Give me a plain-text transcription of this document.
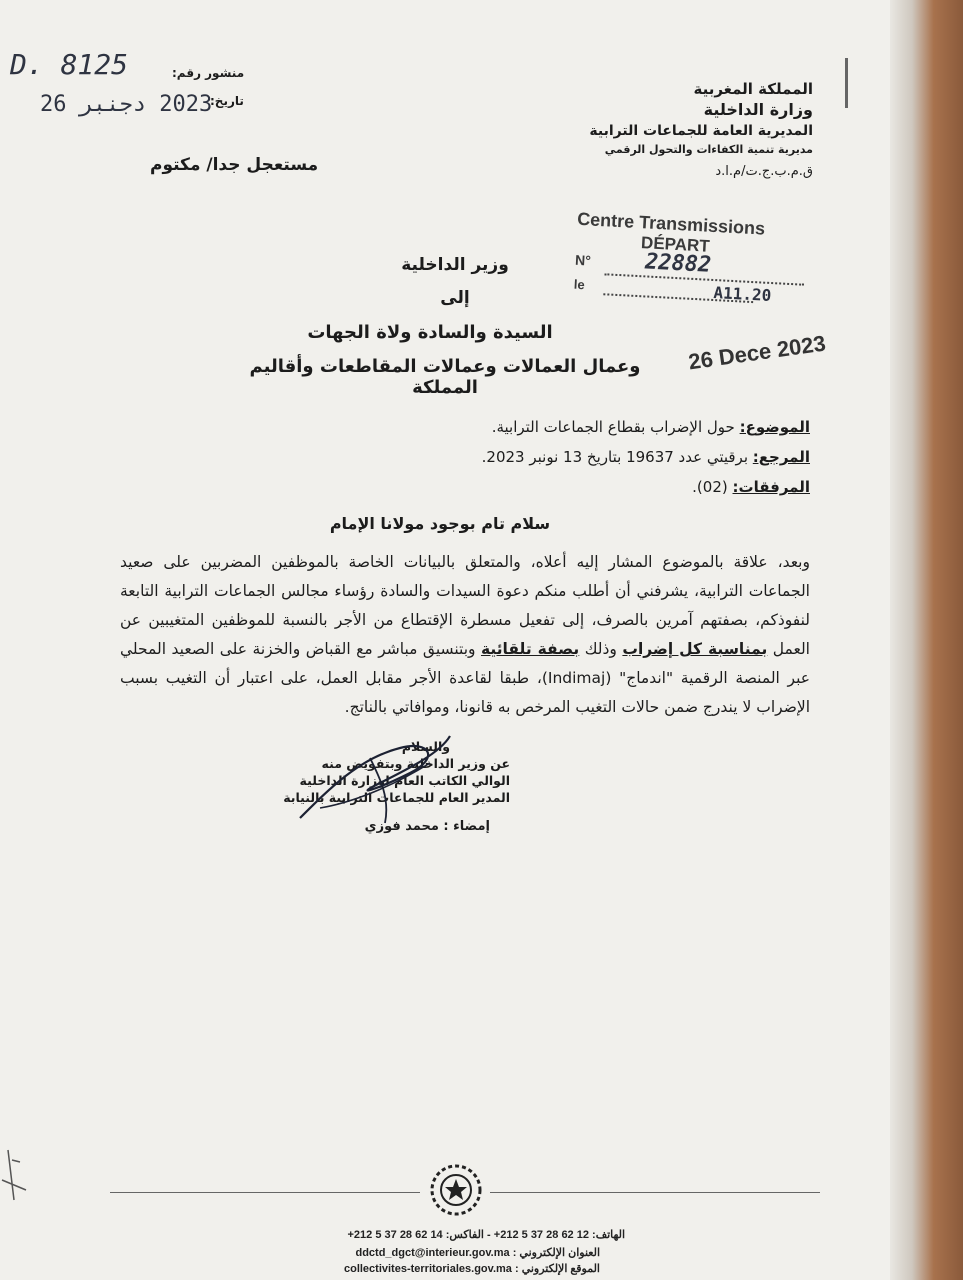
D. 8125
2023 دجنبر 26
منشور رقم:
تاريخ:
المملكة المغربية
وزارة الداخلية
المديرية العامة للجماعات الترابية
مديرية تنمية الكفاءات والتحول الرقمي
ق.م.ب.ج.ت/م.ا.د
مستعجل جدا/ مكتوم
Centre Transmissions
DÉPART
N° 22882
le	A11.20
26 Dece 2023
وزير الداخلية
إلى
السيدة والسادة ولاة الجهات
وعمال العمالات وعمالات المقاطعات وأقاليم المملكة
الموضوع: حول الإضراب بقطاع الجماعات الترابية.
المرجع: برقيتي عدد 19637 بتاريخ 13 نونبر 2023.
المرفقات: (02).
سلام تام بوجود مولانا الإمام
وبعد، علاقة بالموضوع المشار إليه أعلاه، والمتعلق بالبيانات الخاصة بالموظفين المضربين على صعيد الجماعات الترابية، يشرفني أن أطلب منكم دعوة السيدات والسادة رؤساء مجالس الجماعات الترابية التابعة لنفوذكم، بصفتهم آمرين بالصرف، إلى تفعيل مسطرة الإقتطاع من الأجر بالنسبة للموظفين المتغيبين عن العمل بمناسبة كل إضراب وذلك بصفة تلقائية وبتنسيق مباشر مع القباض والخزنة على الصعيد المحلي عبر المنصة الرقمية "اندماج" (Indimaj)، طبقا لقاعدة الأجر مقابل العمل، على اعتبار أن التغيب بسبب الإضراب لا يندرج ضمن حالات التغيب المرخص به قانونا، وموافاتي بالناتج.
والسلام
عن وزير الداخلية وبتفويض منه
الوالي الكاتب العام لوزارة الداخلية
المدير العام للجماعات الترابية بالنيابة
إمضاء : محمد فوزي
الهاتف: 12 62 28 37 5 212+ - الفاكس: 14 62 28 37 5 212+
العنوان الإلكتروني : ddctd_dgct@interieur.gov.ma
الموقع الإلكتروني : collectivites-territoriales.gov.ma
